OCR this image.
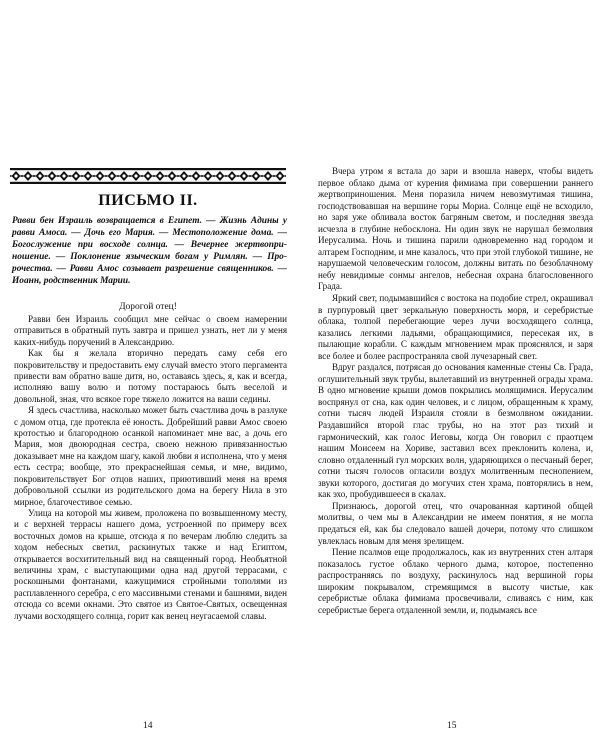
ПИСЬМО II.
Равви бен Израиль возвращается в Египет. — Жизнь Адины у равви Амоса. — Дочь его Мария. — Местоположение дома. — Богослужение при восходе солнца. — Вечернее жертвопри- ношение. — Поклонение языческим богам у Римлян. — Про- рочества. — Равви Амос созывает разрешение священников. — Иоанн, родственник Марии.
Дорогой отец!

Равви бен Израиль сообщил мне сейчас о своем намерении отправиться в обратный путь завтра и пришел узнать, нет ли у меня каких-нибудь поручений в Александрию.

Как бы я желала вторично передать саму себя его покровительству и предоставить ему случай вместо этого пергамента привести вам обратно ваше дитя, но, оставаясь здесь, я, как и всегда, исполняю вашу волю и потому постараюсь быть веселой и довольной, зная, что всякое горе тяжело ложится на ваши седины.

Я здесь счастлива, насколько может быть счастлива дочь в разлуке с домом отца, где протекла её юность. Добрейший равви Амос своею кротостью и благородною осанкой напоминает мне вас, а дочь его Мария, моя двоюродная сестра, своею нежною привязанностью доказывает мне на каждом шагу, какой любви я исполнена, что у меня есть сестра; вообще, это прекраснейшая семья, и мне, видимо, покровительствует Бог отцов наших, приютивший меня на время добровольной ссылки из родительского дома на берегу Нила в это мирное, благочестивое семью.

Улица на которой мы живем, проложена по возвышенному месту, и с верхней террасы нашего дома, устроенной по примеру всех восточных домов на крыше, отсюда я по вечерам люблю следить за ходом небесных светил, раскинутых также и над Египтом, открывается восхитительный вид на священный город. Необъятной величины храм, с выступающими одна над другой террасами, с роскошными фонтанами, кажущимися стройными тополями из расплавленного серебра, с его массивными стенами и башнями, виден отсюда со всеми окнами. Это святое из Святое-Святых, освещенная лучами восходящего солнца, горит как венец неугасаемой славы.

14

Вчера утром я встала до зари и взошла наверх, чтобы видеть первое облако дыма от курения фимиама при совершении раннего жертвоприношения. Меня поразила ничем невозмутимая тишина, господствовавшая на вершине горы Мориа. Солнце ещё не всходило, но заря уже обливала восток багряным светом, и последняя звезда исчезла в глубине небосклона. Ни один звук не нарушал безмолвия Иерусалима. Ночь и тишина парили одновременно над городом и алтарем Господним, и мне казалось, что при этой глубокой тишине, не нарушаемой человеческим голосом, должны витать по безоблачному небу невидимые сонмы ангелов, небесная охрана благословенного Града.

Яркий свет, подымавшийся с востока на подобие стрел, окрашивал в пурпуровый цвет зеркальную поверхность моря, и серебристые облака, толпой перебегающие через лучи восходящего солнца, казались легкими ладьями, обращающимися, пересекая их, в пылающие корабли. С каждым мгновением мрак прояснялся, и заря все более и более распространяла свой лучезарный свет.

Вдруг раздался, потрясая до основания каменные стены Св. Града, оглушительный звук трубы, вылетавший из внутренней ограды храма. В одно мгновение крыши домов покрылись молящимися. Иерусалим воспрянул от сна, как один человек, и с лицом, обращенным к храму, сотни тысяч людей Израиля стояли в безмолвном ожидании. Раздавшийся второй глас трубы, но на этот раз тихий и гармонический, как голос Иеговы, когда Он говорил с праотцем нашим Моисеем на Хориве, заставил всех преклонить колена, и, словно отдаленный гул морских волн, ударяющихся о песчаный берег, сотни тысяч голосов огласили воздух молитвенным песнопением, звуки которого, достигая до могучих стен храма, повторялись в нем, как эхо, пробудившееся в скалах.

Признаюсь, дорогой отец, что очарованная картиной общей молитвы, о чем мы в Александрии не имеем понятия, я не могла предаться ей, как бы следовало вашей дочери, потому что слишком увлеклась новым для меня зрелищем.

Пение псалмов еще продолжалось, как из внутренних стен алтаря показалось густое облако черного дыма, которое, постепенно распространяясь по воздуху, раскинулось над вершиной горы широким покрывалом, стремящимся в высоту чистые, как серебристые облака фимиама просвечивали, сливаясь с ним, как серебристые берега отдаленной земли, и, подымаясь все

15
